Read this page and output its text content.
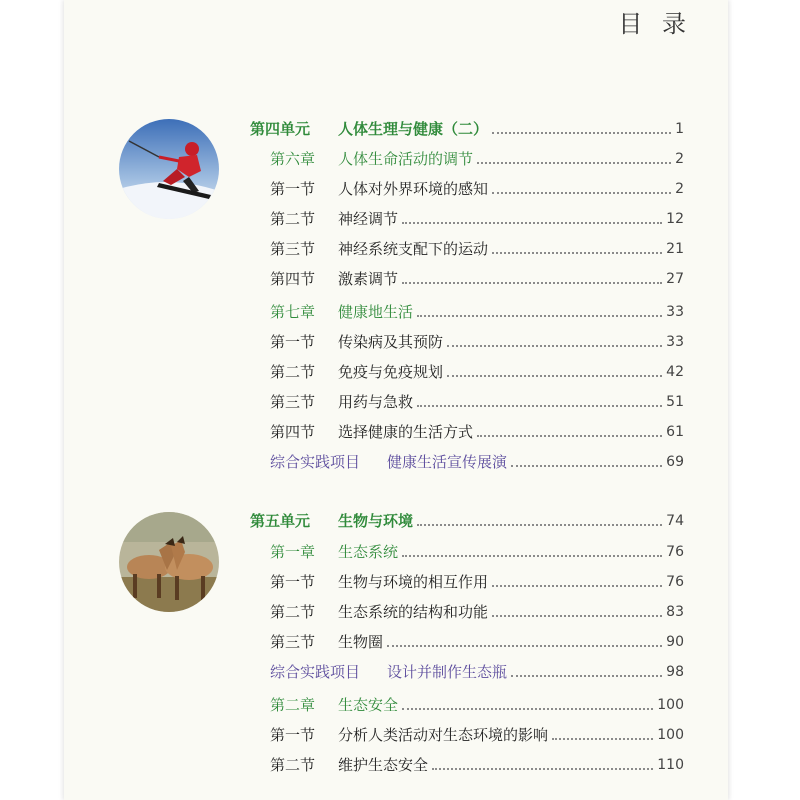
目 录
第四单元 人体生理与健康（二）	1
第六章 人体生命活动的调节	2
第一节 人体对外界环境的感知	2
第二节 神经调节	12
第三节 神经系统支配下的运动	21
第四节 激素调节	27
第七章 健康地生活	33
第一节 传染病及其预防	33
第二节 免疫与免疫规划	42
第三节 用药与急救	51
第四节 选择健康的生活方式	61
综合实践项目 健康生活宣传展演	69
第五单元 生物与环境	74
第一章 生态系统	76
第一节 生物与环境的相互作用	76
第二节 生态系统的结构和功能	83
第三节 生物圈	90
综合实践项目 设计并制作生态瓶	98
第二章 生态安全	100
第一节 分析人类活动对生态环境的影响	100
第二节 维护生态安全	110
